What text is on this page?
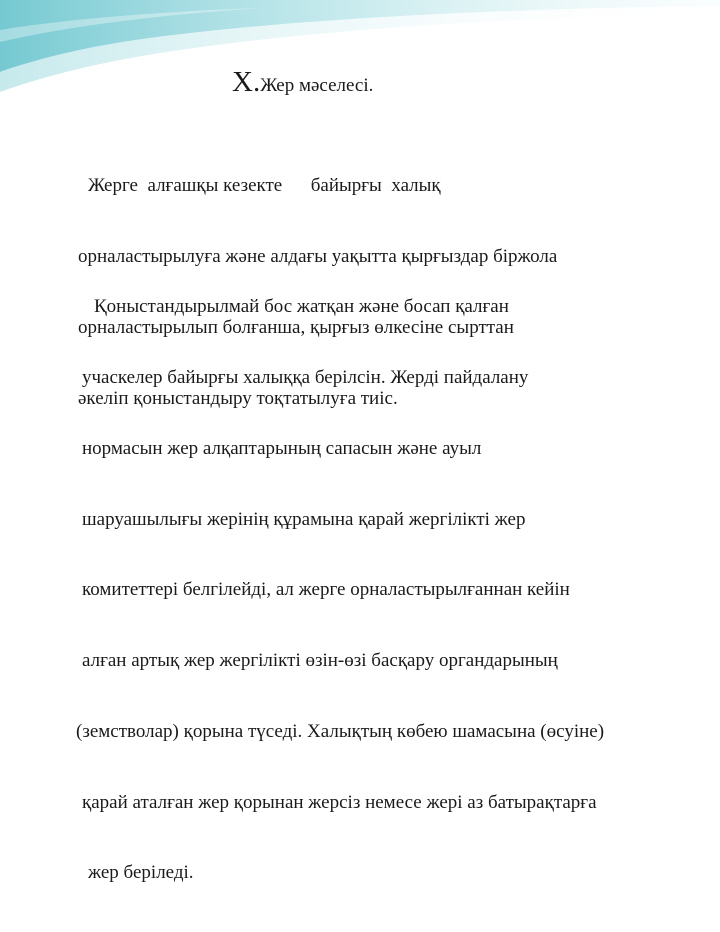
X.Жер мәселесі.

Жерге  алғашқы кезекте      байырғы  халық

орналастырылуға және алдағы уақытта қырғыздар біржола

орналастырылып болғанша, қырғыз өлкесіне сырттан

әкеліп қоныстандыру тоқтатылуға тиіс.

Қоныстандырылмай бос жатқан және босап қалған

учаскелер байырғы халыққа берілсін. Жерді пайдалану

нормасын жер алқаптарының сапасын және ауыл

шаруашылығы жерінің құрамына қарай жергілікті жер

комитеттері белгілейді, ал жерге орналастырылғаннан кейін

алған артық жер жергілікті өзін-өзі басқару органдарының

(земстволар) қорына түседі. Халықтың көбею шамасына (өсуіне)

қарай аталған жер қорынан жерсіз немесе жері аз батырақтарға

жер беріледі.
